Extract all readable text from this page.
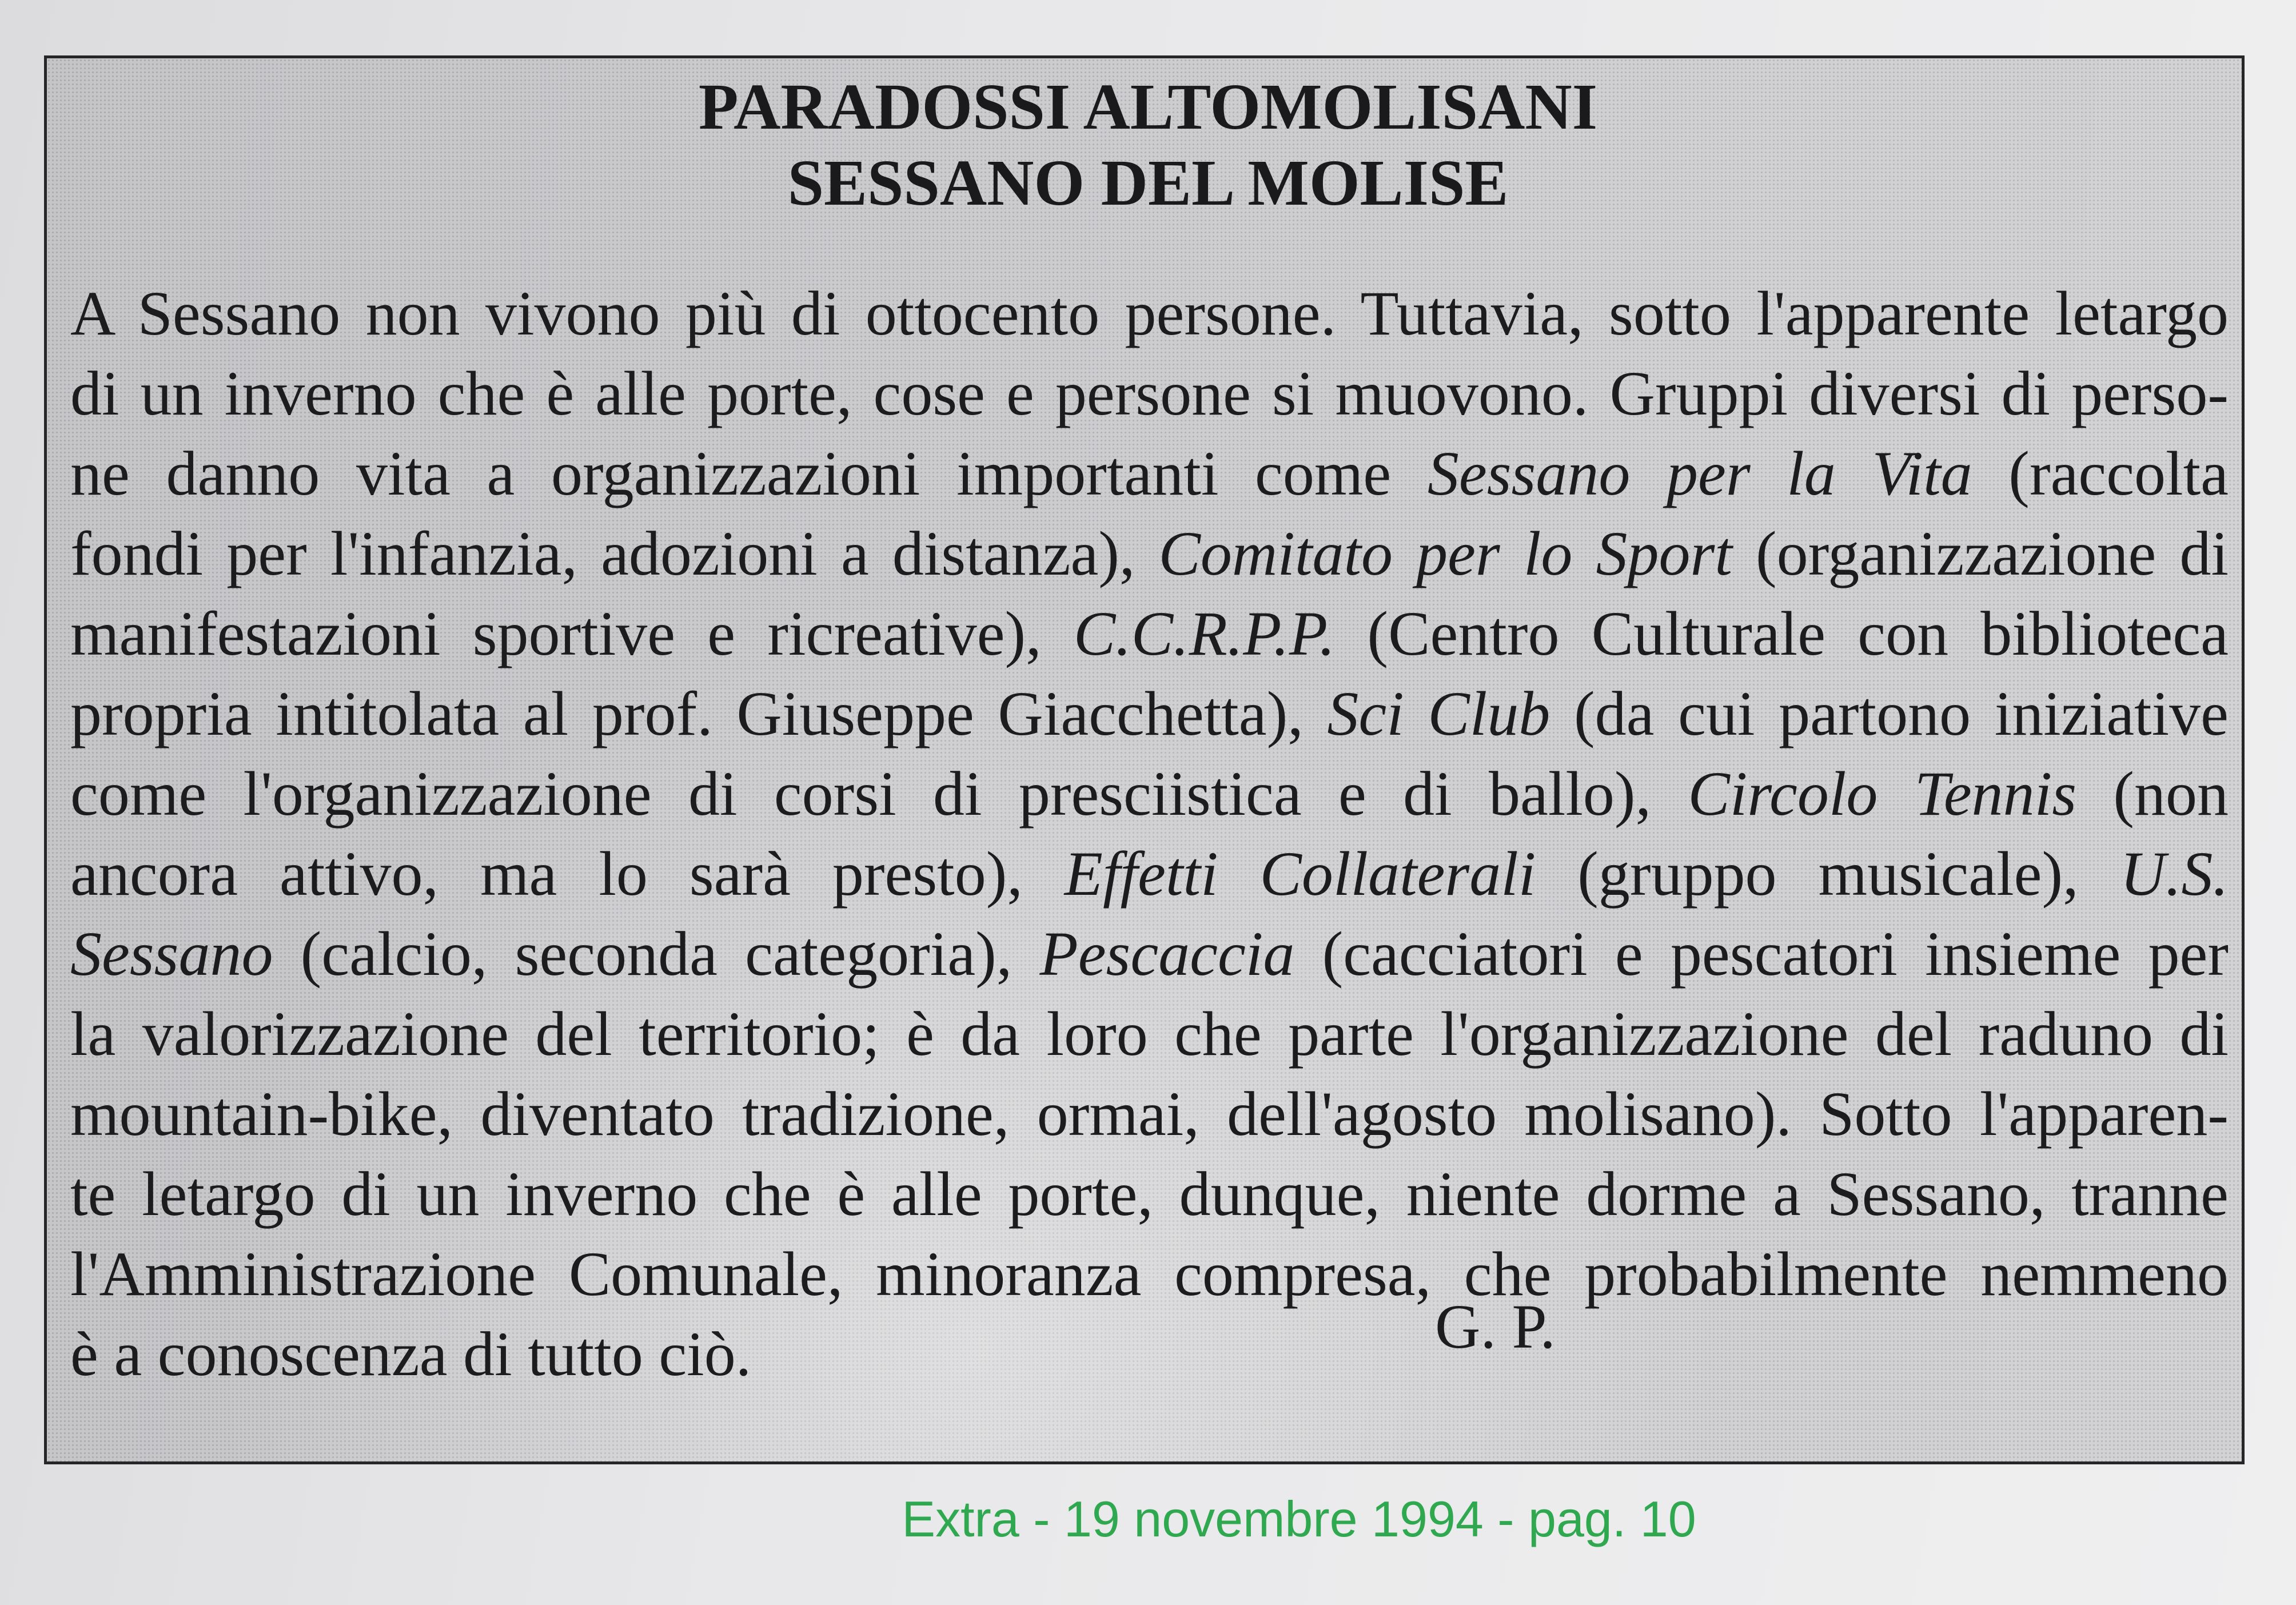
PARADOSSI ALTOMOLISANI
SESSANO DEL MOLISE
A Sessano non vivono più di ottocento persone. Tuttavia, sotto l'apparente letargo
di un inverno che è alle porte, cose e persone si muovono. Gruppi diversi di perso-
ne danno vita a organizzazioni importanti come Sessano per la Vita (raccolta
fondi per l'infanzia, adozioni a distanza), Comitato per lo Sport (organizzazione di
manifestazioni sportive e ricreative), C.C.R.P.P. (Centro Culturale con biblioteca
propria intitolata al prof. Giuseppe Giacchetta), Sci Club (da cui partono iniziative
come l'organizzazione di corsi di presciistica e di ballo), Circolo Tennis (non
ancora attivo, ma lo sarà presto), Effetti Collaterali (gruppo musicale), U.S.
Sessano (calcio, seconda categoria), Pescaccia (cacciatori e pescatori insieme per
la valorizzazione del territorio; è da loro che parte l'organizzazione del raduno di
mountain-bike, diventato tradizione, ormai, dell'agosto molisano). Sotto l'apparen-
te letargo di un inverno che è alle porte, dunque, niente dorme a Sessano, tranne
l'Amministrazione Comunale, minoranza compresa, che probabilmente nemmeno
è a conoscenza di tutto ciò.	G. P.
Extra - 19 novembre 1994 - pag. 10
